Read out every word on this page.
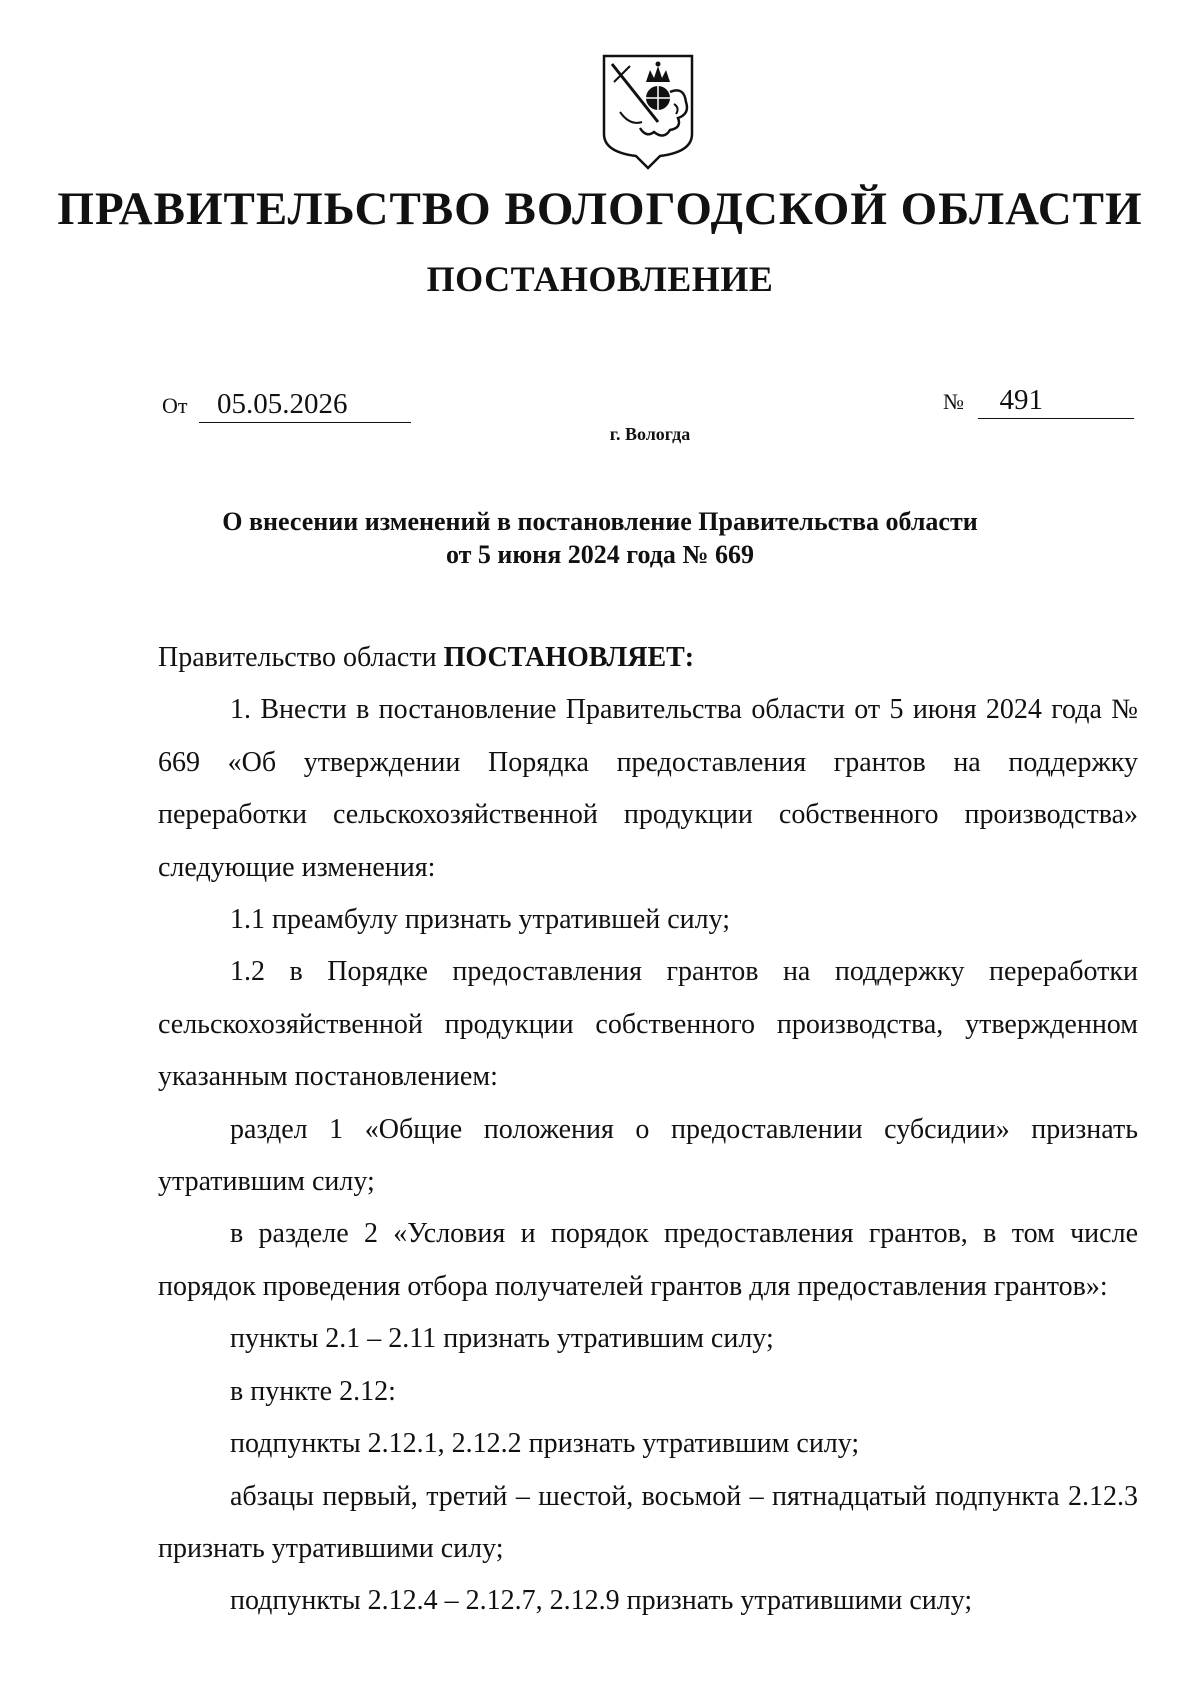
ПРАВИТЕЛЬСТВО ВОЛОГОДСКОЙ ОБЛАСТИ
ПОСТАНОВЛЕНИЕ
От 05.05.2026	№ 491
г. Вологда
О внесении изменений в постановление Правительства области
от 5 июня 2024 года № 669

Правительство области ПОСТАНОВЛЯЕТ:

1. Внести в постановление Правительства области от 5 июня 2024 года № 669 «Об утверждении Порядка предоставления грантов на поддержку переработки сельскохозяйственной продукции собственного производства» следующие изменения:

1.1 преамбулу признать утратившей силу;

1.2 в Порядке предоставления грантов на поддержку переработки сельскохозяйственной продукции собственного производства, утвержденном указанным постановлением:

раздел 1 «Общие положения о предоставлении субсидии» признать утратившим силу;

в разделе 2 «Условия и порядок предоставления грантов, в том числе порядок проведения отбора получателей грантов для предоставления грантов»:

пункты 2.1 – 2.11 признать утратившим силу;

в пункте 2.12:

подпункты 2.12.1, 2.12.2 признать утратившим силу;

абзацы первый, третий – шестой, восьмой – пятнадцатый подпункта 2.12.3 признать утратившими силу;

подпункты 2.12.4 – 2.12.7, 2.12.9 признать утратившими силу;
